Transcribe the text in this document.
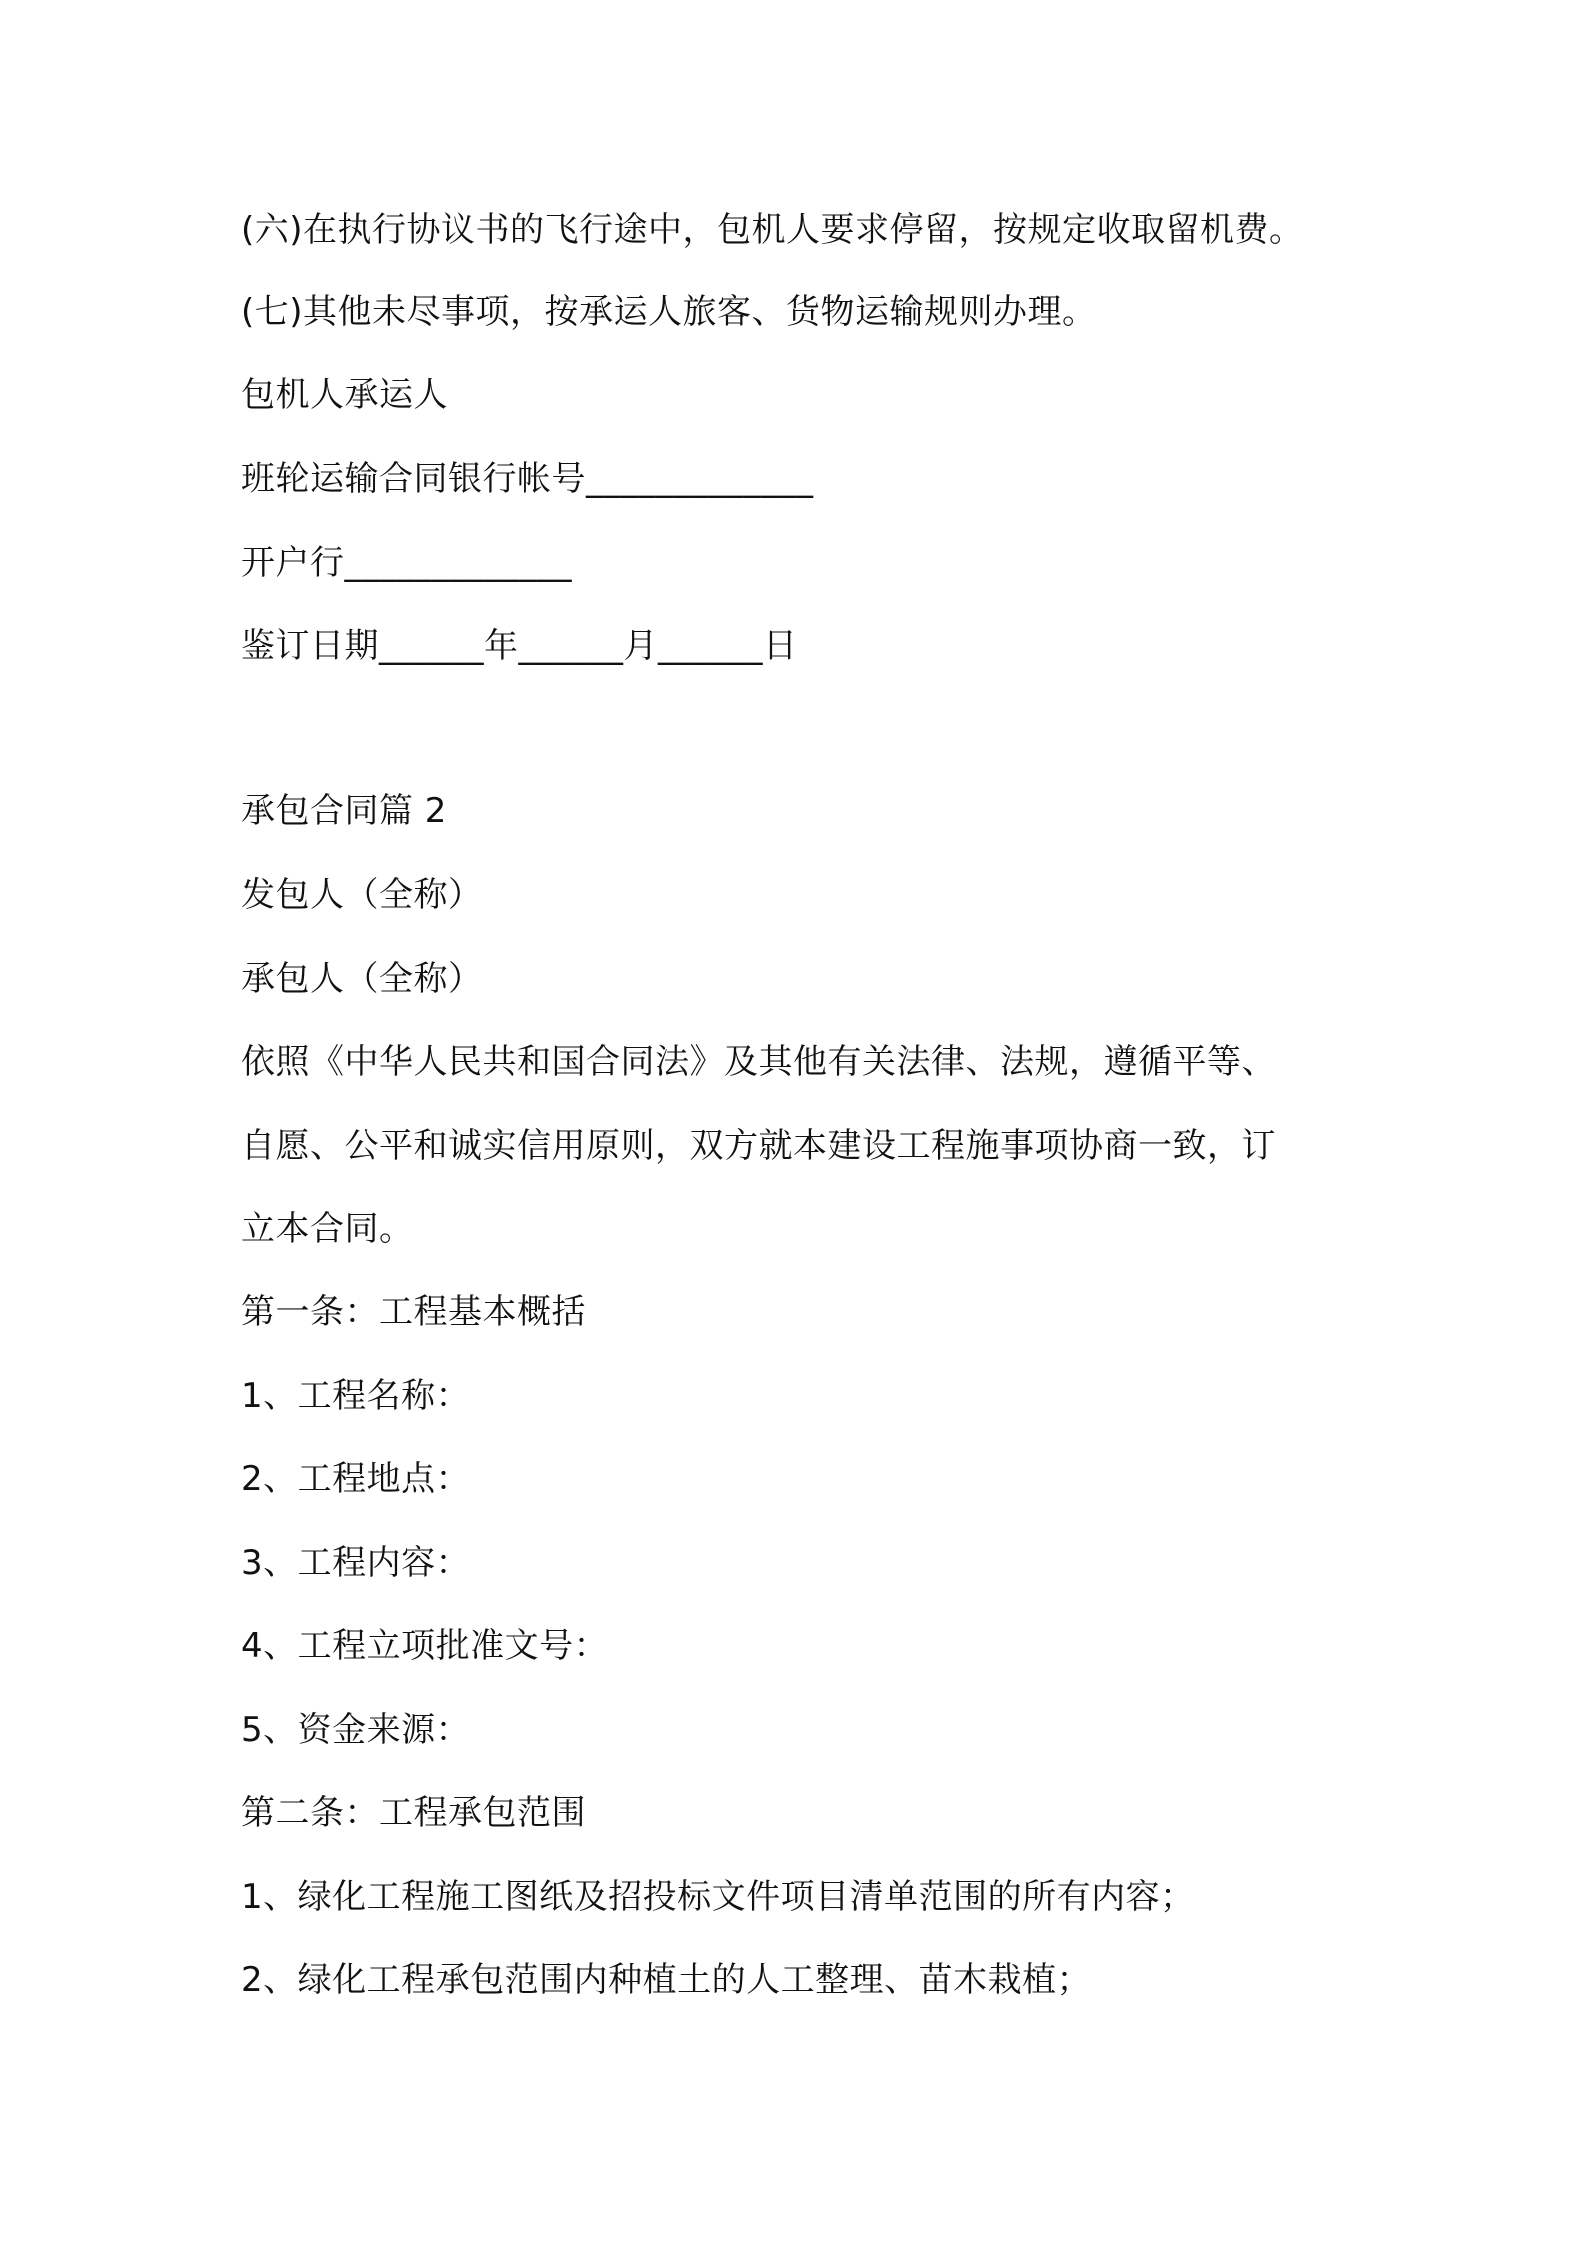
(六)在执行协议书的飞行途中，包机人要求停留，按规定收取留机费。
(七)其他未尽事项，按承运人旅客、货物运输规则办理。
包机人承运人
班轮运输合同银行帐号_____________
开户行_____________
鉴订日期______年______月______日
承包合同篇 2
发包人（全称）
承包人（全称）
依照《中华人民共和国合同法》及其他有关法律、法规，遵循平等、
自愿、公平和诚实信用原则，双方就本建设工程施事项协商一致，订
立本合同。
第一条：工程基本概括
1、工程名称：
2、工程地点：
3、工程内容：
4、工程立项批准文号：
5、资金来源：
第二条：工程承包范围
1、绿化工程施工图纸及招投标文件项目清单范围的所有内容；
2、绿化工程承包范围内种植土的人工整理、苗木栽植；
